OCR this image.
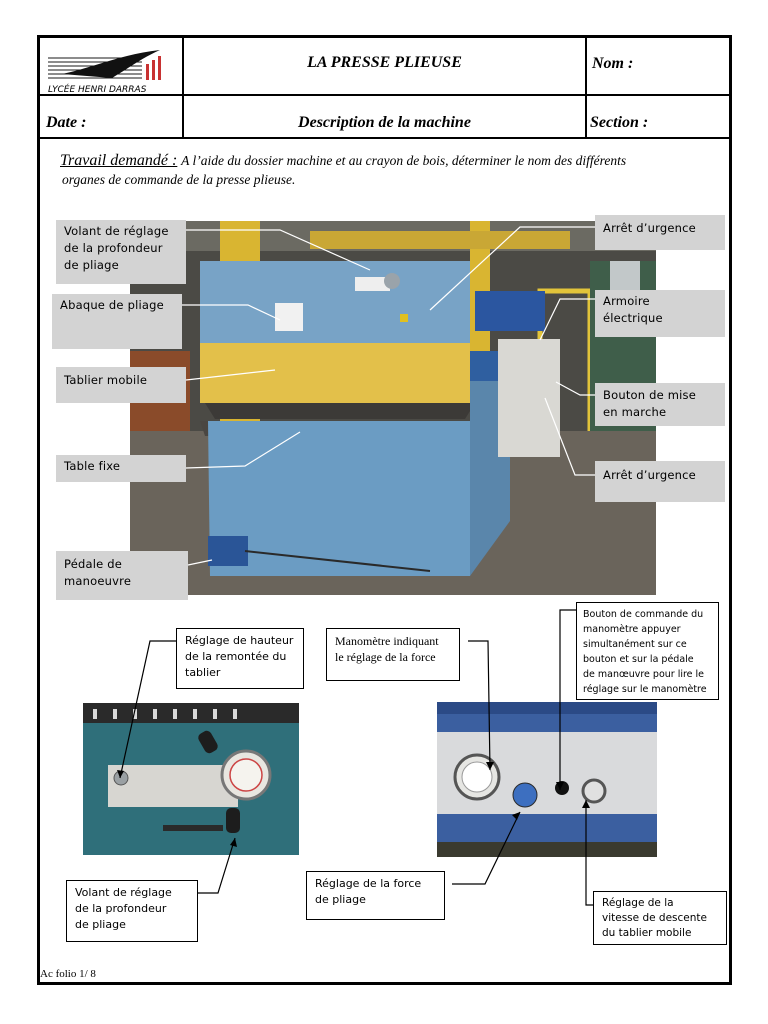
LYCÉE HENRI DARRAS
LA PRESSE PLIEUSE	Nom :
Date :	Description de la machine	Section :
Travail demandé : A l’aide du dossier machine et au crayon de bois, déterminer le nom des différents
organes de commande de la presse plieuse.
Volant de réglage
de la profondeur
de pliage
Abaque de pliage
Tablier mobile
Table fixe
Pédale de
manoeuvre
Arrêt d’urgence
Armoire
électrique
Bouton de mise
en marche
Arrêt d’urgence
Réglage de hauteur
de la remontée du
tablier
Manomètre indiquant
le réglage de la force
Bouton de commande du
manomètre appuyer
simultanément sur ce
bouton et sur la pédale
de manœuvre pour lire le
réglage sur le manomètre
Volant de réglage
de la profondeur
de pliage
Réglage de la force
de pliage	Réglage de la
vitesse de descente
du tablier mobile
Ac folio 1/ 8
